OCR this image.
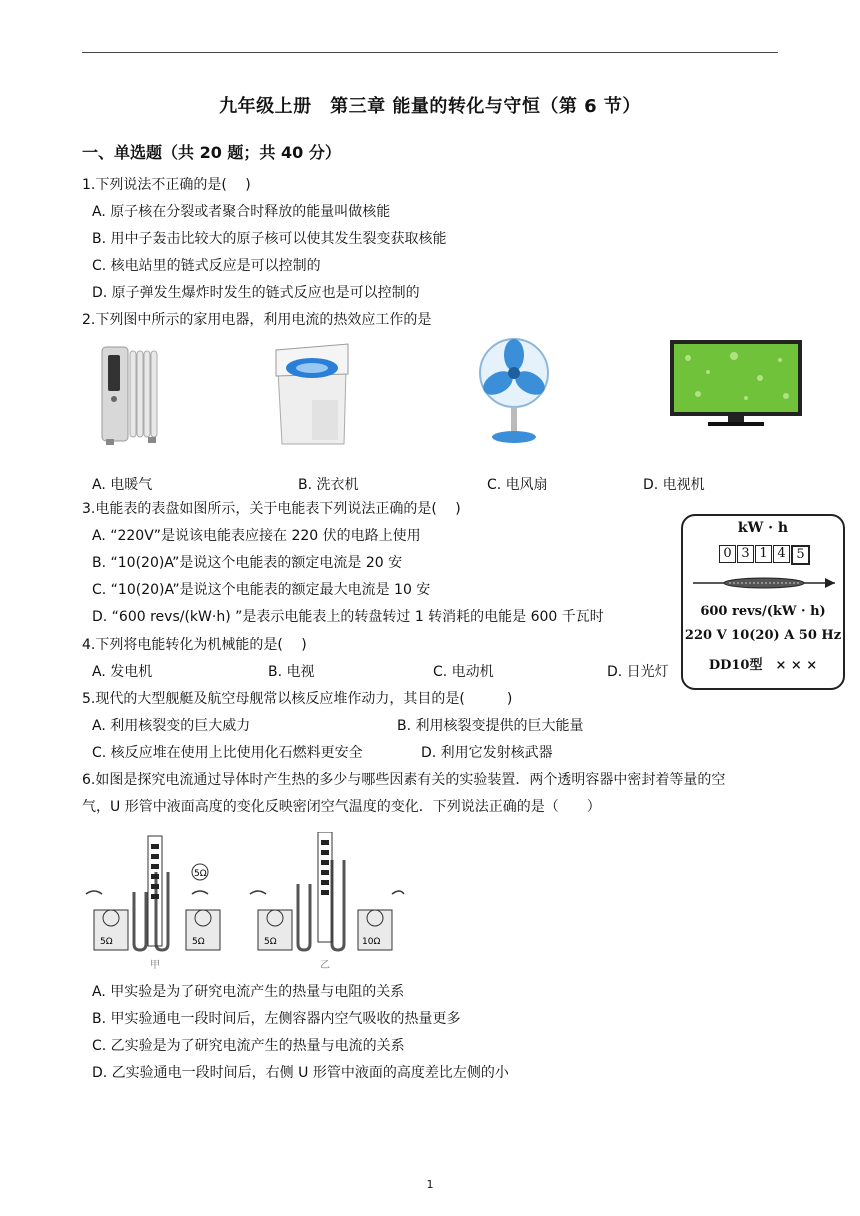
九年级上册　第三章 能量的转化与守恒（第 6 节）
一、单选题（共 20 题；共 40 分）
1.下列说法不正确的是(　 )
A. 原子核在分裂或者聚合时释放的能量叫做核能
B. 用中子轰击比较大的原子核可以使其发生裂变获取核能
C. 核电站里的链式反应是可以控制的
D. 原子弹发生爆炸时发生的链式反应也是可以控制的
2.下列图中所示的家用电器，利用电流的热效应工作的是
A. 电暖气	B. 洗衣机	C. 电风扇	D. 电视机
3.电能表的表盘如图所示，关于电能表下列说法正确的是(　 )
A. “220V”是说该电能表应接在 220 伏的电路上使用
B. “10(20)A”是说这个电能表的额定电流是 20 安
C. “10(20)A”是说这个电能表的额定最大电流是 10 安
D. “600 revs/(kW·h) ”是表示电能表上的转盘转过 1 转消耗的电能是 600 千瓦时
kW · h
0 3 1 4 5
600 revs/(kW · h)
220 V 10(20) A 50 Hz
DD10型　× × ×
4.下列将电能转化为机械能的是(　 )
A. 发电机	B. 电视	C. 电动机	D. 日光灯
5.现代的大型舰艇及航空母舰常以核反应堆作动力，其目的是(　　　)
A. 利用核裂变的巨大威力	B. 利用核裂变提供的巨大能量
C. 核反应堆在使用上比使用化石燃料更安全	D. 利用它发射核武器
6.如图是探究电流通过导体时产生热的多少与哪些因素有关的实验装置．两个透明容器中密封着等量的空
气，U 形管中液面高度的变化反映密闭空气温度的变化．下列说法正确的是（　　）
5Ω
5Ω	5Ω
甲
5Ω	10Ω
乙
A. 甲实验是为了研究电流产生的热量与电阻的关系
B. 甲实验通电一段时间后，左侧容器内空气吸收的热量更多
C. 乙实验是为了研究电流产生的热量与电流的关系
D. 乙实验通电一段时间后，右侧 U 形管中液面的高度差比左侧的小
1
